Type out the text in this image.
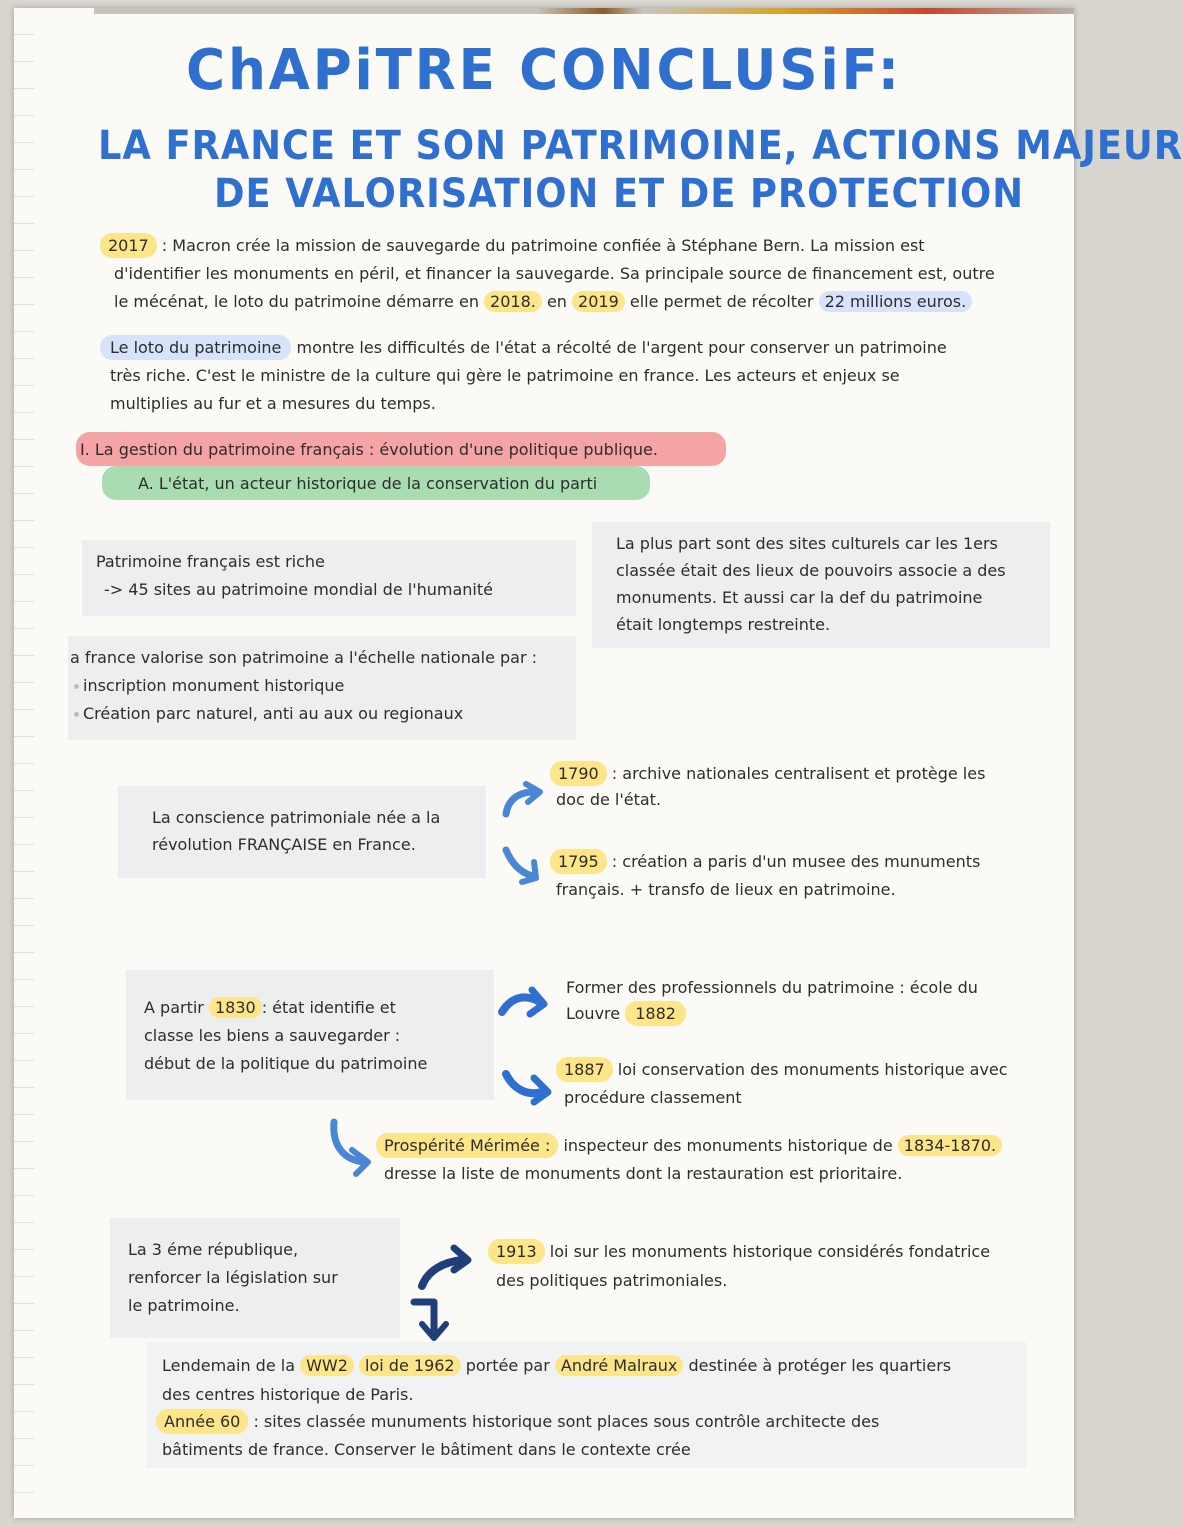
ChAPiTRE CONCLUSiF:
LA FRANCE ET SON PATRIMOINE, ACTIONS MAJEUR
DE VALORISATION ET DE PROTECTION
2017 : Macron crée la mission de sauvegarde du patrimoine confiée à Stéphane Bern. La mission est
d'identifier les monuments en péril, et financer la sauvegarde. Sa principale source de financement est, outre
le mécénat, le loto du patrimoine démarre en 2018. en 2019 elle permet de récolter 22 millions euros.
Le loto du patrimoine montre les difficultés de l'état a récolté de l'argent pour conserver un patrimoine
très riche. C'est le ministre de la culture qui gère le patrimoine en france. Les acteurs et enjeux se
multiplies au fur et a mesures du temps.
I. La gestion du patrimoine français : évolution d'une politique publique.
A. L'état, un acteur historique de la conservation du parti
Patrimoine français est riche
-> 45 sites au patrimoine mondial de l'humanité
La plus part sont des sites culturels car les 1ers
classée était des lieux de pouvoirs associe a des
monuments. Et aussi car la def du patrimoine
était longtemps restreinte.
a france valorise son patrimoine a l'échelle nationale par :
inscription monument historique
Création parc naturel, anti au aux ou regionaux
La conscience patrimoniale née a la
révolution FRANÇAISE en France.
1790 : archive nationales centralisent et protège les
doc de l'état.
1795 : création a paris d'un musee des munuments
français. + transfo de lieux en patrimoine.
A partir 1830 : état identifie et
classe les biens a sauvegarder :
début de la politique du patrimoine
Former des professionnels du patrimoine : école du
Louvre 1882
1887 loi conservation des monuments historique avec
procédure classement
Prospérité Mérimée : inspecteur des monuments historique de 1834-1870.
dresse la liste de monuments dont la restauration est prioritaire.
La 3 éme république,
renforcer la législation sur
le patrimoine.
1913 loi sur les monuments historique considérés fondatrice
des politiques patrimoniales.
Lendemain de la WW2 loi de 1962 portée par André Malraux destinée à protéger les quartiers
des centres historique de Paris.
Année 60 : sites classée munuments historique sont places sous contrôle architecte des
bâtiments de france. Conserver le bâtiment dans le contexte crée
